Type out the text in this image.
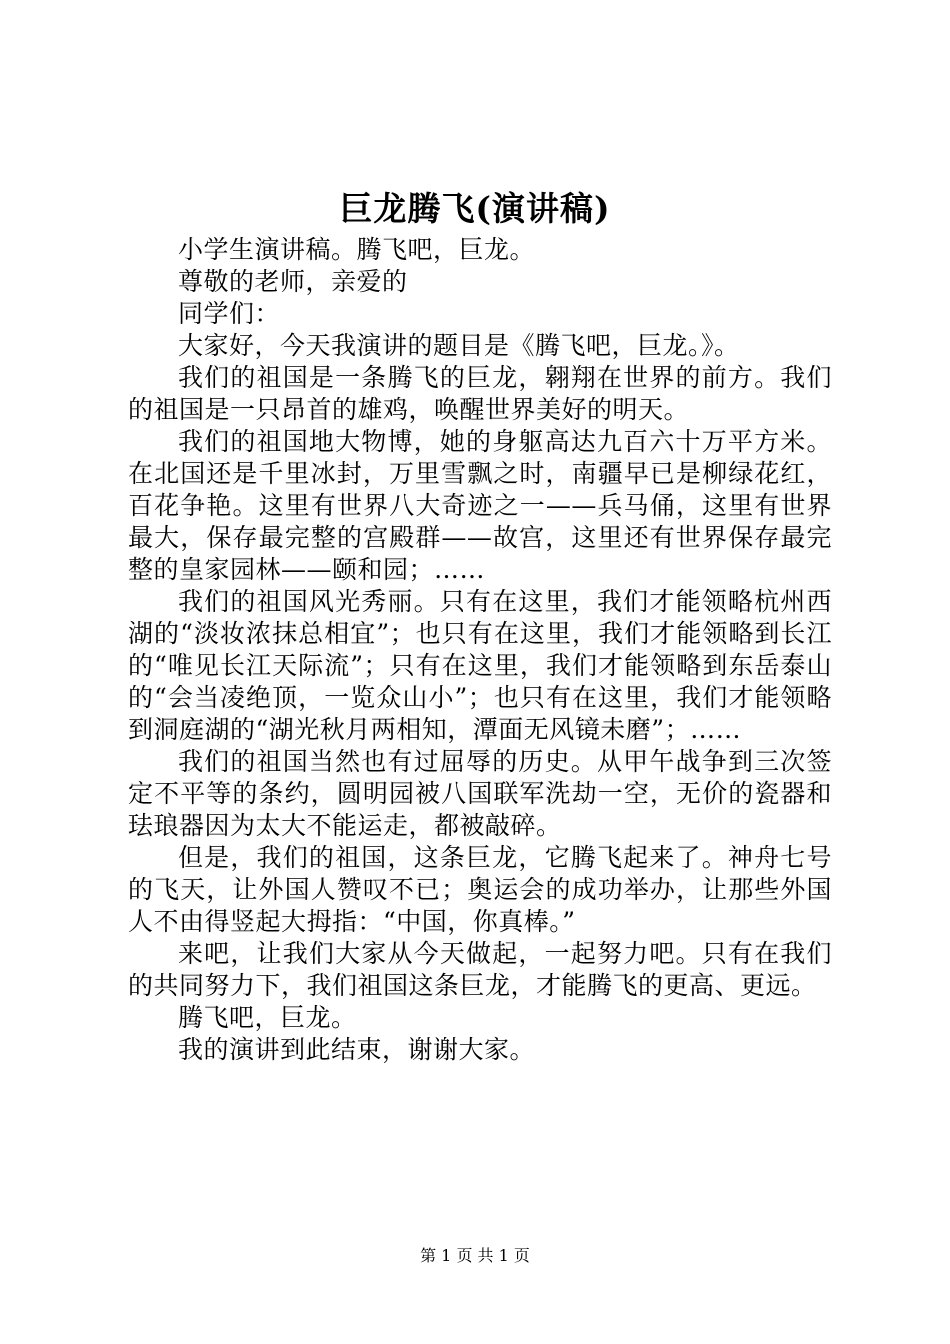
巨龙腾飞(演讲稿)

小学生演讲稿。腾飞吧，巨龙。

尊敬的老师，亲爱的

同学们：

大家好，今天我演讲的题目是《腾飞吧，巨龙。》。

我们的祖国是一条腾飞的巨龙，翱翔在世界的前方。我们的祖国是一只昂首的雄鸡，唤醒世界美好的明天。

我们的祖国地大物博，她的身躯高达九百六十万平方米。在北国还是千里冰封，万里雪飘之时，南疆早已是柳绿花红，百花争艳。这里有世界八大奇迹之一——兵马俑，这里有世界最大，保存最完整的宫殿群——故宫，这里还有世界保存最完整的皇家园林——颐和园；……

我们的祖国风光秀丽。只有在这里，我们才能领略杭州西湖的“淡妆浓抹总相宜”；也只有在这里，我们才能领略到长江的“唯见长江天际流”；只有在这里，我们才能领略到东岳泰山的“会当凌绝顶，一览众山小”；也只有在这里，我们才能领略到洞庭湖的“湖光秋月两相知，潭面无风镜未磨”；……

我们的祖国当然也有过屈辱的历史。从甲午战争到三次签定不平等的条约，圆明园被八国联军洗劫一空，无价的瓷器和珐琅器因为太大不能运走，都被敲碎。

但是，我们的祖国，这条巨龙，它腾飞起来了。神舟七号的飞天，让外国人赞叹不已；奥运会的成功举办，让那些外国人不由得竖起大拇指：“中国，你真棒。”

来吧，让我们大家从今天做起，一起努力吧。只有在我们的共同努力下，我们祖国这条巨龙，才能腾飞的更高、更远。

腾飞吧，巨龙。

我的演讲到此结束，谢谢大家。

第 1 页 共 1 页
